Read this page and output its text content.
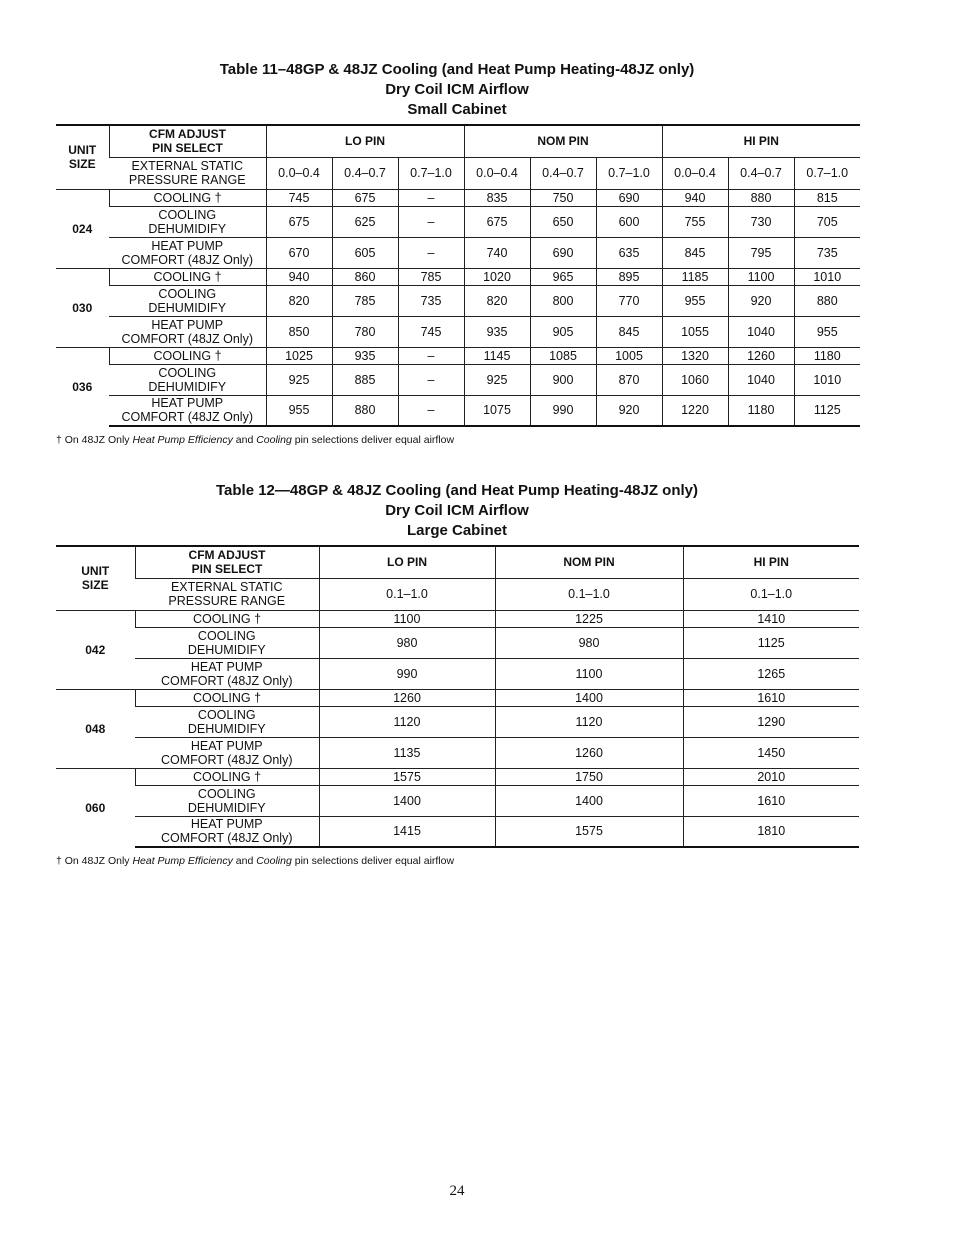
Table 11–48GP & 48JZ Cooling (and Heat Pump Heating-48JZ only)
Dry Coil ICM Airflow
Small Cabinet
UNIT
SIZE	CFM ADJUST
PIN SELECT	LO PIN			NOM PIN			HI PIN		

	EXTERNAL STATIC
PRESSURE RANGE	0.0–0.4	0.4–0.7	0.7–1.0	0.0–0.4	0.4–0.7	0.7–1.0	0.0–0.4	0.4–0.7	0.7–1.0
024	COOLING †	745	675	–	835	750	690	940	880	815

	COOLING
DEHUMIDIFY	675	625	–	675	650	600	755	730	705

	HEAT PUMP
COMFORT (48JZ Only)	670	605	–	740	690	635	845	795	735
030	COOLING †	940	860	785	1020	965	895	1185	1100	1010

	COOLING
DEHUMIDIFY	820	785	735	820	800	770	955	920	880

	HEAT PUMP
COMFORT (48JZ Only)	850	780	745	935	905	845	1055	1040	955
036	COOLING †	1025	935	–	1145	1085	1005	1320	1260	1180

	COOLING
DEHUMIDIFY	925	885	–	925	900	870	1060	1040	1010

	HEAT PUMP
COMFORT (48JZ Only)	955	880	–	1075	990	920	1220	1180	1125
† On 48JZ Only Heat Pump Efficiency and Cooling pin selections deliver equal airflow
Table 12—48GP & 48JZ Cooling (and Heat Pump Heating-48JZ only)
Dry Coil ICM Airflow
Large Cabinet
UNIT
SIZE	CFM ADJUST
PIN SELECT	LO PIN	NOM PIN	HI PIN

	EXTERNAL STATIC
PRESSURE RANGE	0.1–1.0	0.1–1.0	0.1–1.0
042	COOLING †	1100	1225	1410

	COOLING
DEHUMIDIFY	980	980	1125

	HEAT PUMP
COMFORT (48JZ Only)	990	1100	1265
048	COOLING †	1260	1400	1610

	COOLING
DEHUMIDIFY	1120	1120	1290

	HEAT PUMP
COMFORT (48JZ Only)	1135	1260	1450
060	COOLING †	1575	1750	2010

	COOLING
DEHUMIDIFY	1400	1400	1610

	HEAT PUMP
COMFORT (48JZ Only)	1415	1575	1810
† On 48JZ Only Heat Pump Efficiency and Cooling pin selections deliver equal airflow
24
